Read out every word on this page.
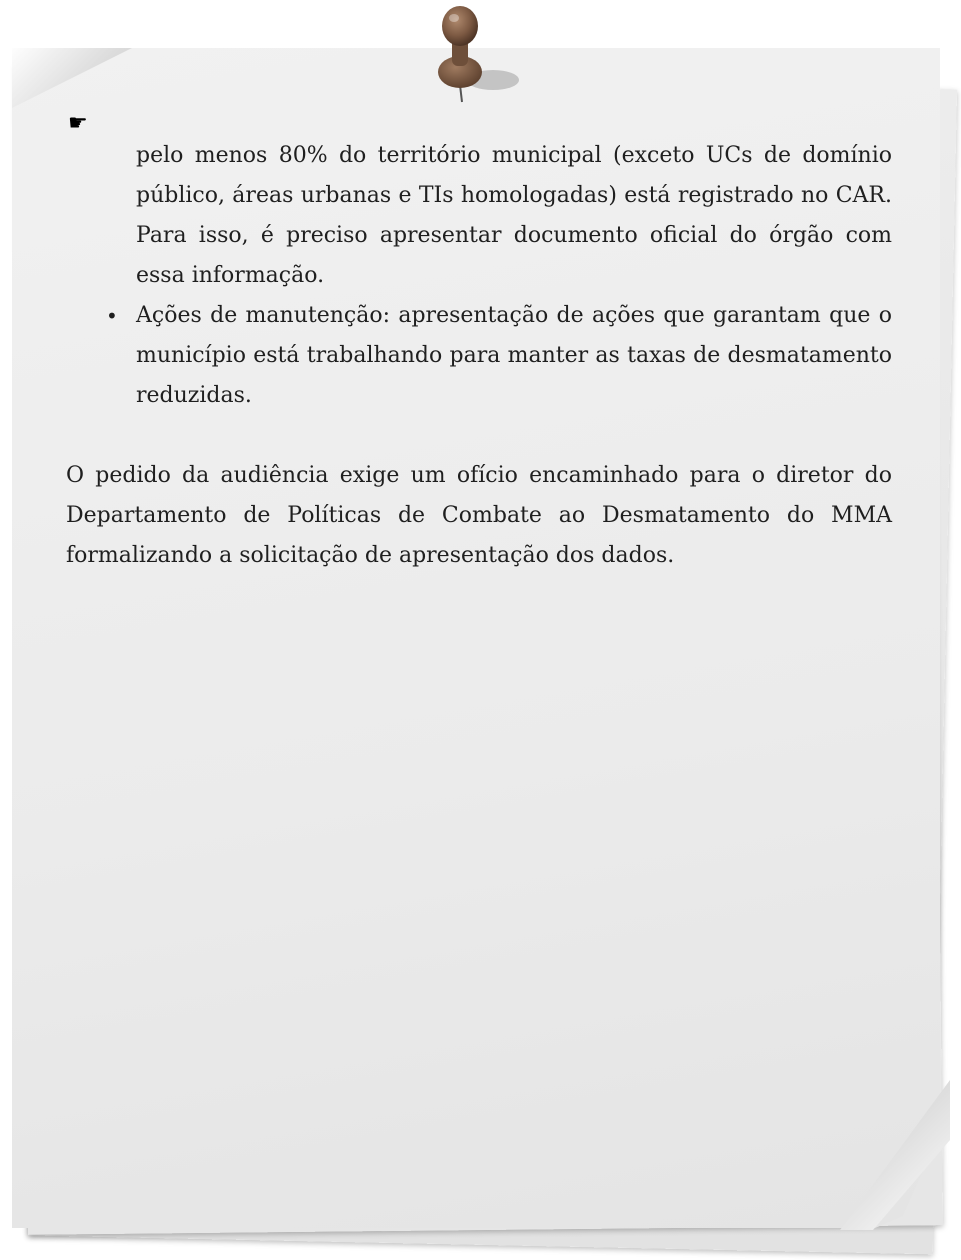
☛

pelo menos 80% do território municipal (exceto UCs de domínio público, áreas urbanas e TIs homologadas) está registrado no CAR. Para isso, é preciso apresentar documento oficial do órgão com essa informação.

• Ações de manutenção: apresentação de ações que garantam que o município está trabalhando para manter as taxas de desmatamento reduzidas.

O pedido da audiência exige um ofício encaminhado para o diretor do Departamento de Políticas de Combate ao Desmatamento do MMA formalizando a solicitação de apresentação dos dados.
